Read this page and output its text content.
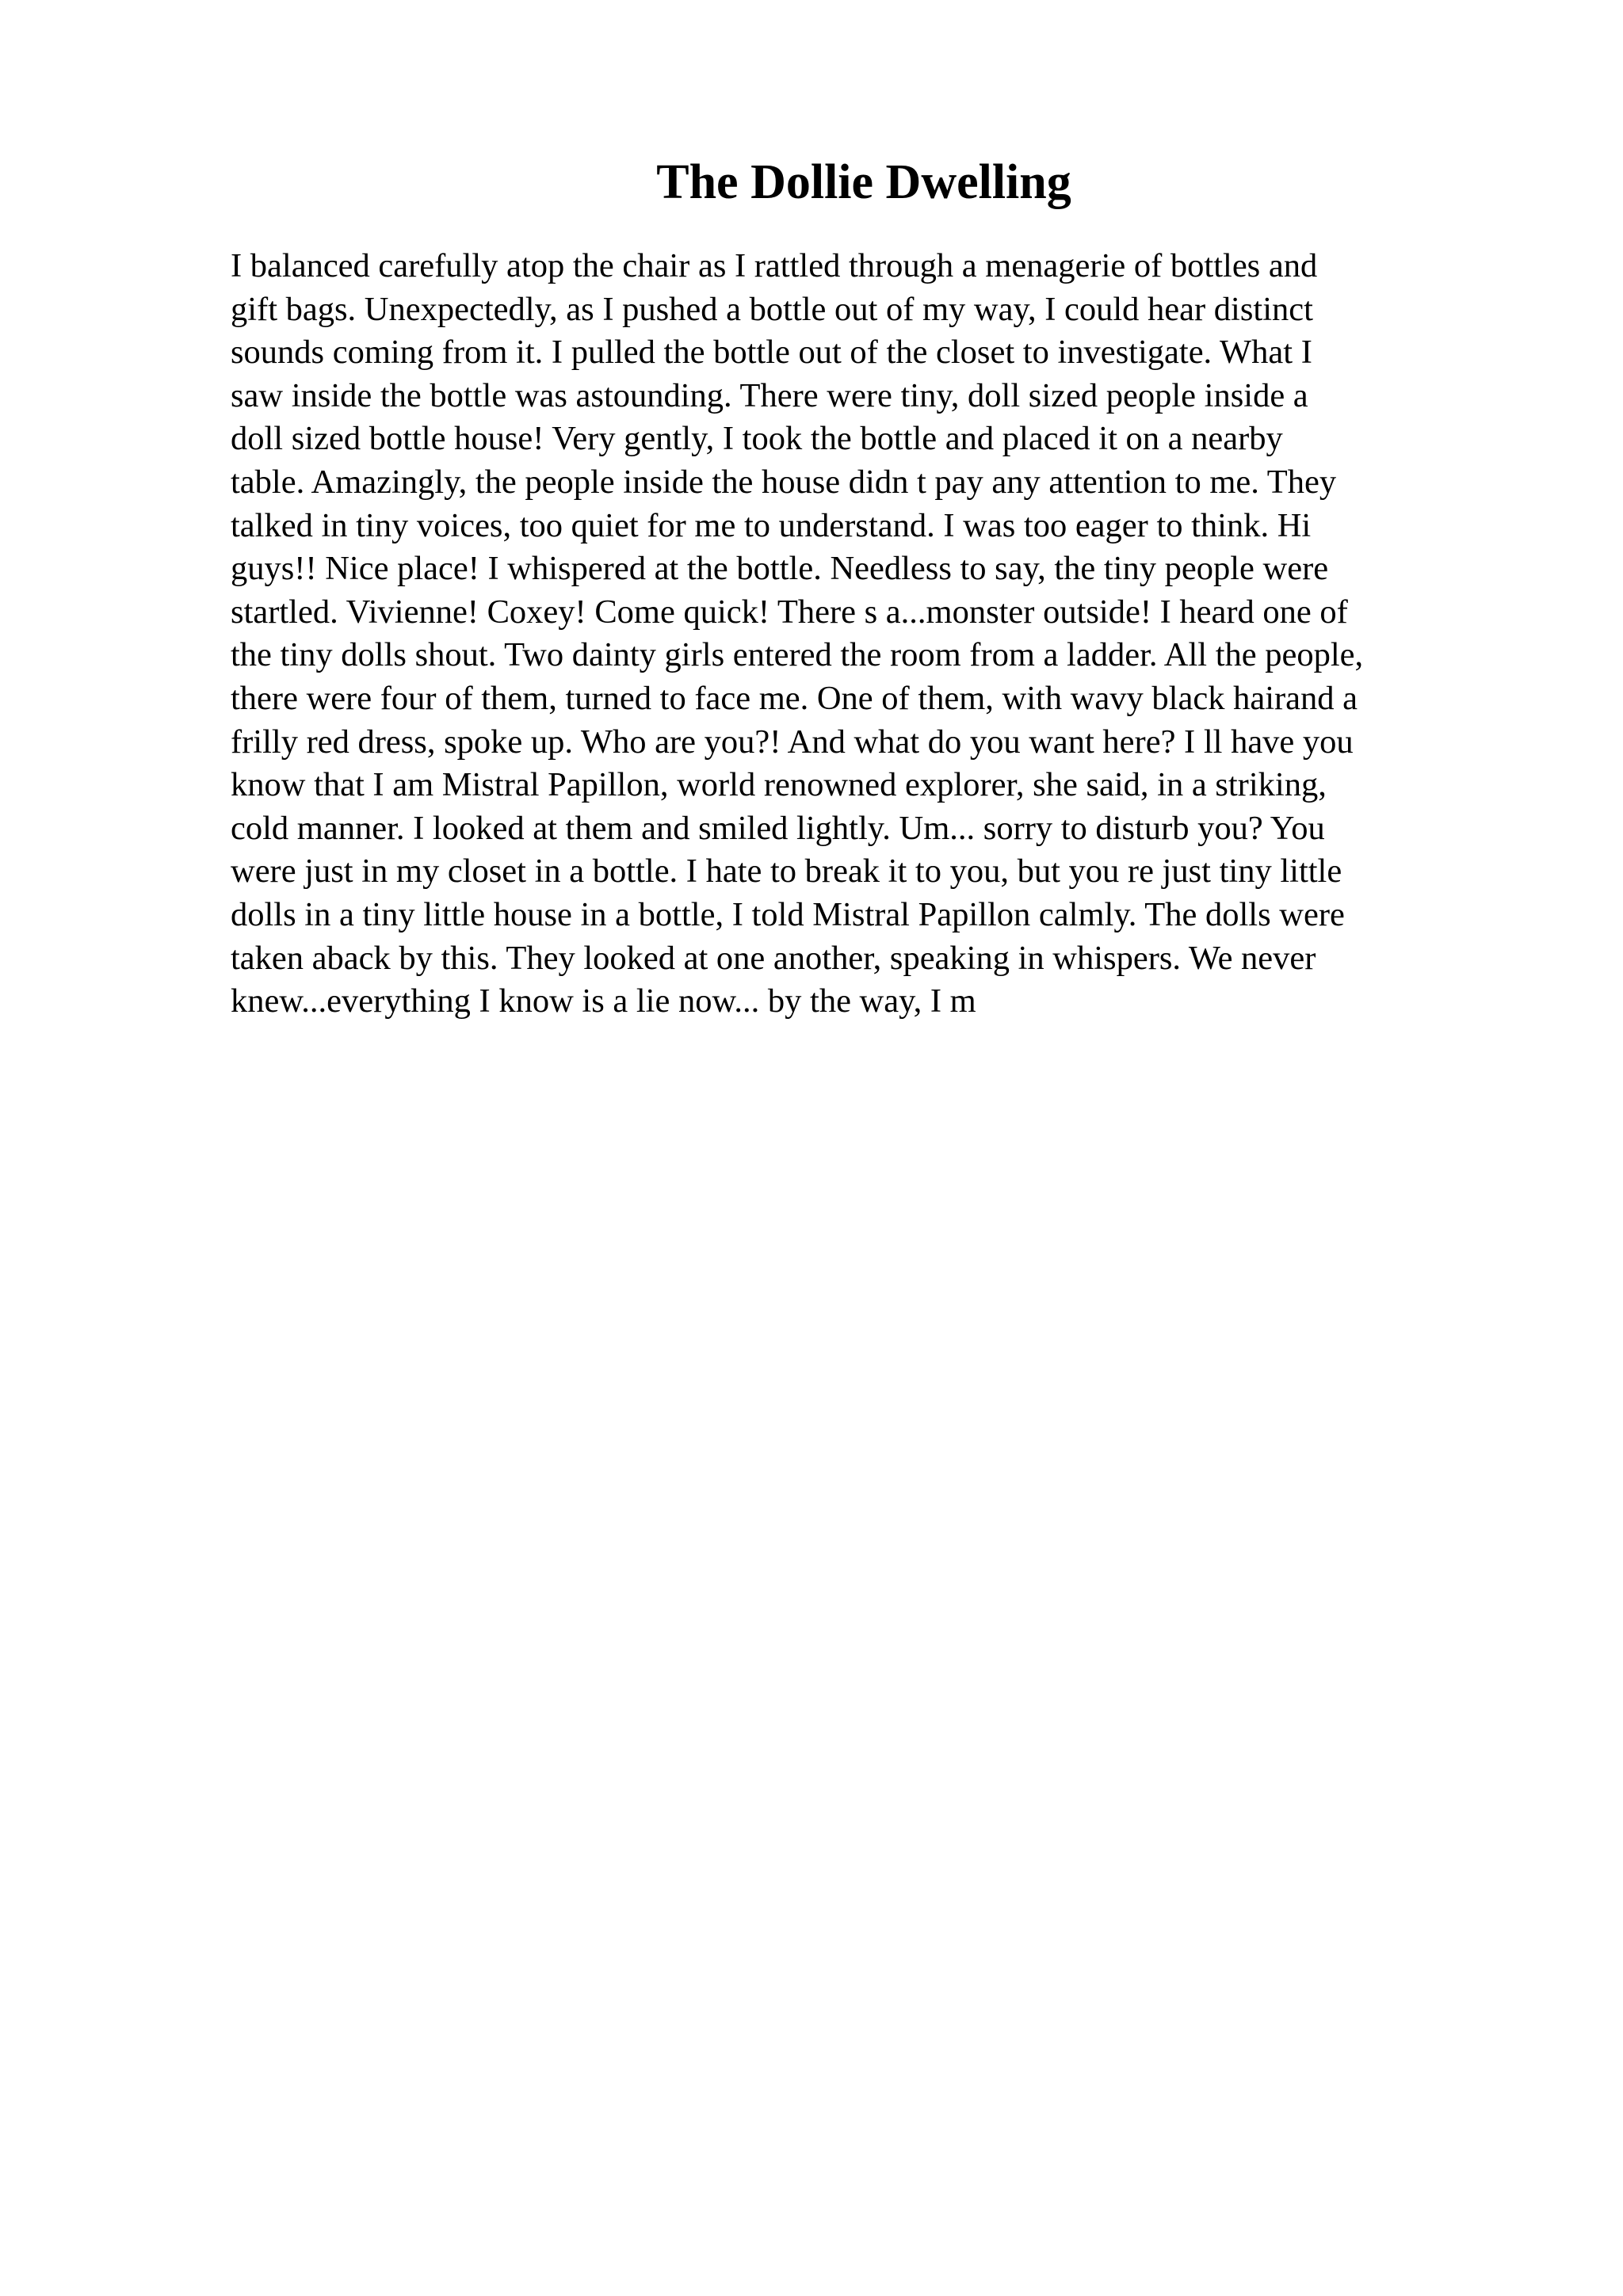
The Dollie Dwelling
I balanced carefully atop the chair as I rattled through a menagerie of bottles and
gift bags. Unexpectedly, as I pushed a bottle out of my way, I could hear distinct
sounds coming from it. I pulled the bottle out of the closet to investigate. What I
saw inside the bottle was astounding. There were tiny, doll sized people inside a
doll sized bottle house! Very gently, I took the bottle and placed it on a nearby
table. Amazingly, the people inside the house didn t pay any attention to me. They
talked in tiny voices, too quiet for me to understand. I was too eager to think. Hi
guys!! Nice place! I whispered at the bottle. Needless to say, the tiny people were
startled. Vivienne! Coxey! Come quick! There s a...monster outside! I heard one of
the tiny dolls shout. Two dainty girls entered the room from a ladder. All the people,
there were four of them, turned to face me. One of them, with wavy black hairand a
frilly red dress, spoke up. Who are you?! And what do you want here? I ll have you
know that I am Mistral Papillon, world renowned explorer, she said, in a striking,
cold manner. I looked at them and smiled lightly. Um... sorry to disturb you? You
were just in my closet in a bottle. I hate to break it to you, but you re just tiny little
dolls in a tiny little house in a bottle, I told Mistral Papillon calmly. The dolls were
taken aback by this. They looked at one another, speaking in whispers. We never
knew...everything I know is a lie now... by the way, I m
